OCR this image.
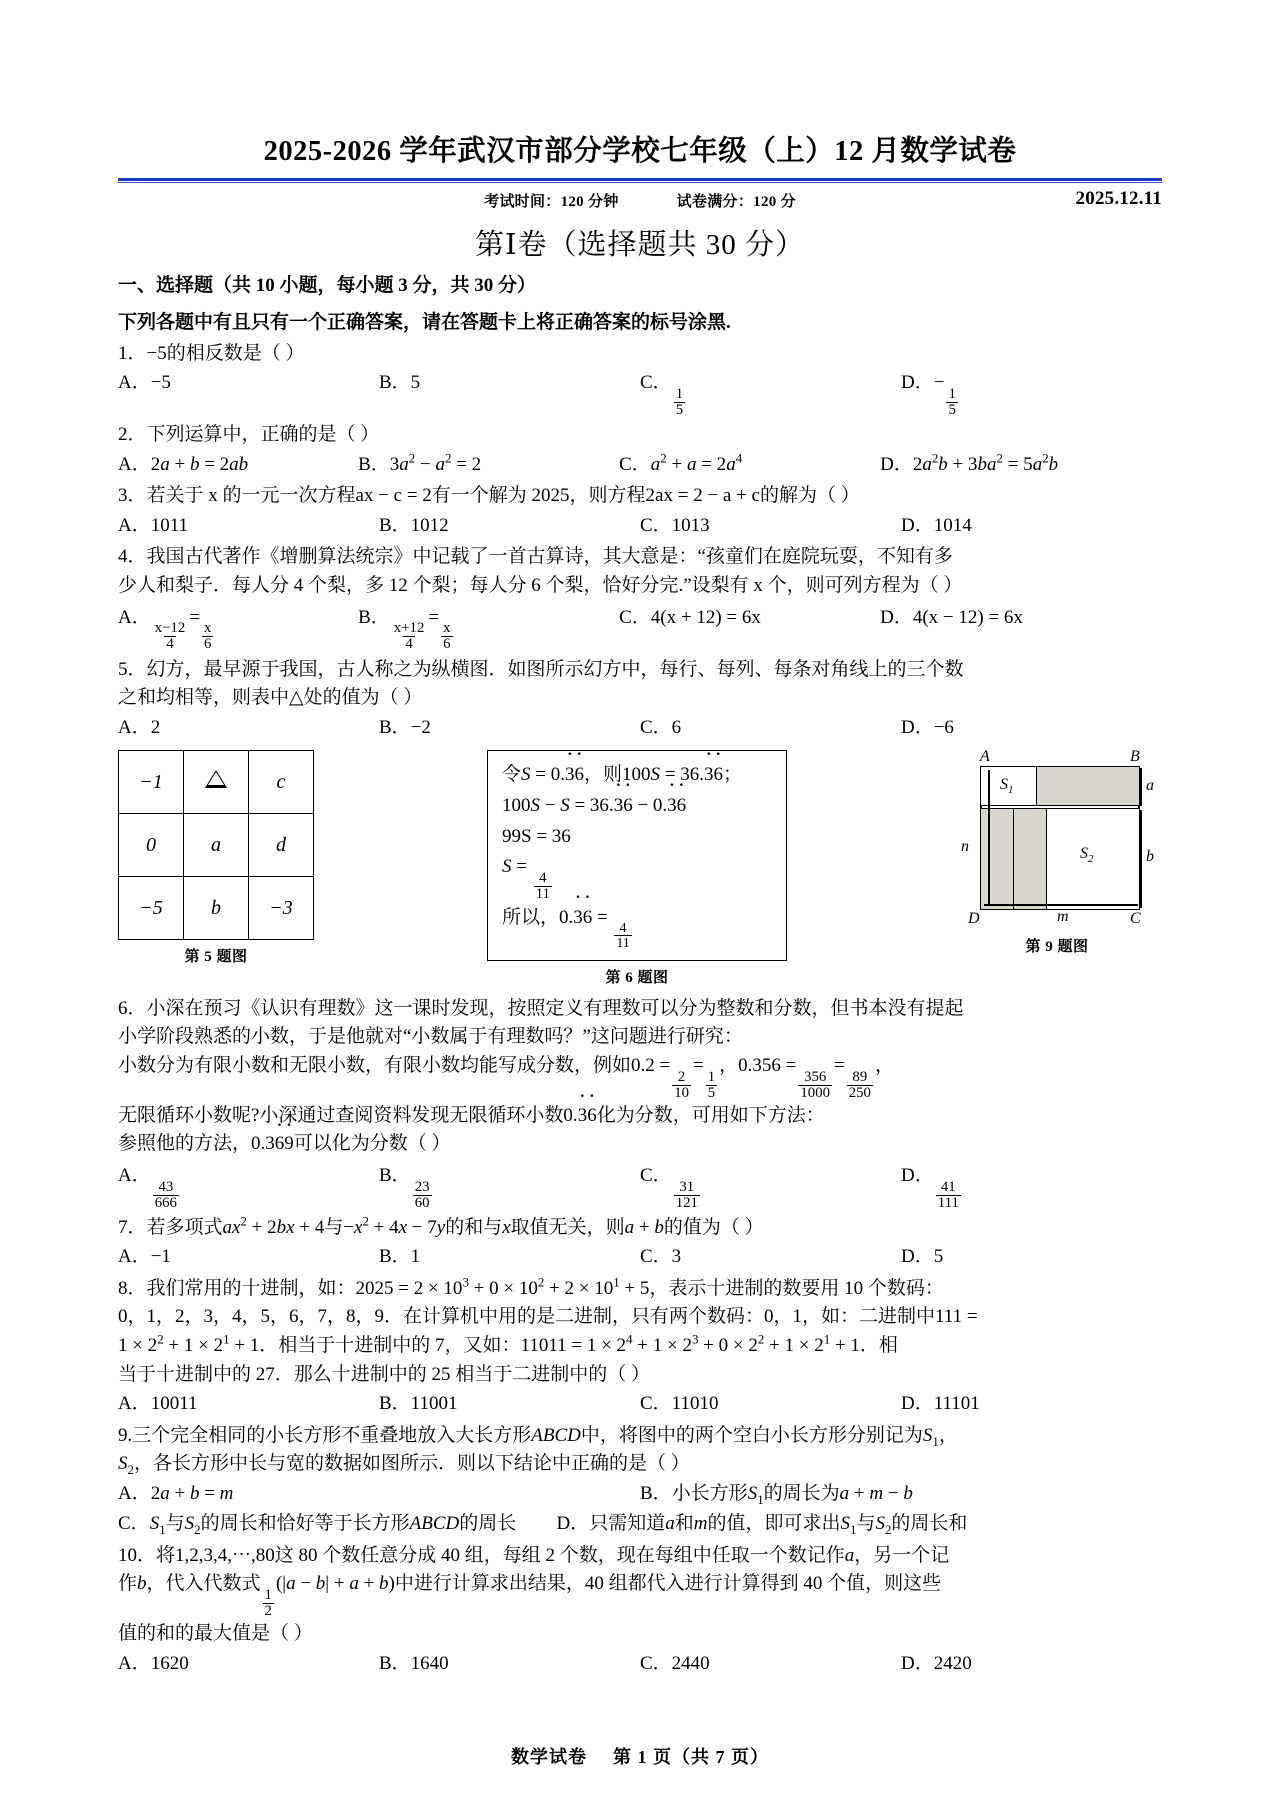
2025-2026 学年武汉市部分学校七年级（上）12 月数学试卷
考试时间：120 分钟	试卷满分：120 分	2025.12.11
第Ⅰ卷（选择题共 30 分）
一、选择题（共 10 小题，每小题 3 分，共 30 分）
下列各题中有且只有一个正确答案，请在答题卡上将正确答案的标号涂黑.
1．−5的相反数是（ ）
A．−5	B．5	C．
$\frac{1}{5}$
D．−
$\frac{1}{5}$
2．下列运算中，正确的是（ ）
A．2a + b = 2ab	B．$3a^2 - a^2 = 2$	C．$a^2 + a = 2a^4$	D．$2a^2b + 3ba^2 = 5a^2b$
3．若关于 x 的一元一次方程ax − c = 2有一个解为 2025，则方程2ax = 2 − a + c的解为（ ）
A．1011	B．1012	C．1013	D．1014
4．我国古代著作《增删算法统宗》中记载了一首古算诗，其大意是：“孩童们在庭院玩耍，不知有多
少人和梨子．每人分 4 个梨，多 12 个梨；每人分 6 个梨，恰好分完.”设梨有 x 个，则可列方程为（ ）
A．
$\frac{x-12}{4}$
=
$\frac{x}{6}$
B．
$\frac{x+12}{4}$
=
$\frac{x}{6}$
C．4(x + 12) = 6x	D．4(x − 12) = 6x
5．幻方，最早源于我国，古人称之为纵横图．如图所示幻方中，每行、每列、每条对角线上的三个数
之和均相等，则表中△处的值为（ ）
A．2	B．−2	C．6	D．−6
−1		c
0	a	d
−5	b	−3
第 5 题图
令S = 0.3 ·6 ·，则100S = 36.3 ·6 ·；
100S − S = 36.3 ·6 · − 0.3 ·6 ·
99S = 36
S =
$\frac{4}{11}$
所以，0.3 ·6 · =
$\frac{4}{11}$
第 6 题图
A	B
C
D
$S_1$
$S_2$
a
b
m
n
第 9 题图
6．小深在预习《认识有理数》这一课时发现，按照定义有理数可以分为整数和分数，但书本没有提起
小学阶段熟悉的小数，于是他就对“小数属于有理数吗？”这问题进行研究：
小数分为有限小数和无限小数，有限小数均能写成分数，例如0.2 =
$\frac{2}{10}$
=
$\frac{1}{5}$
，0.356 =
$\frac{356}{1000}$
=
$\frac{89}{250}$
，
无限循环小数呢?小深通过查阅资料发现无限循环小数0.3 ·6 ·化为分数，可用如下方法：
参照他的方法，0.36 ·9 ·可以化为分数（ ）
A．
$\frac{43}{666}$
B．
$\frac{23}{60}$
C．
$\frac{31}{121}$
D．
$\frac{41}{111}$
7．若多项式$ax^2 + 2bx + 4$与$-x^2 + 4x - 7y$的和与x取值无关，则a + b的值为（ ）
A．−1	B．1	C．3	D．5
8．我们常用的十进制，如：$2025 = 2 \times 10^3 + 0 \times 10^2 + 2 \times 10^1 + 5$，表示十进制的数要用 10 个数码：
0，1，2，3，4，5，6，7，8，9．在计算机中用的是二进制，只有两个数码：0，1，如：二进制中111 =
$1 \times 2^2 + 1 \times 2^1 + 1$．相当于十进制中的 7，又如：$11011 = 1 \times 2^4 + 1 \times 2^3 + 0 \times 2^2 + 1 \times 2^1 + 1$．相
当于十进制中的 27．那么十进制中的 25 相当于二进制中的（ ）
A．10011	B．11001	C．11010	D．11101
9.三个完全相同的小长方形不重叠地放入大长方形ABCD中，将图中的两个空白小长方形分别记为$S_1$，
$S_2$，各长方形中长与宽的数据如图所示．则以下结论中正确的是（ ）
A．2a + b = m	B．小长方形$S_1$的周长为a + m − b
C．$S_1$与$S_2$的周长和恰好等于长方形ABCD的周长	D．只需知道a和m的值，即可求出$S_1$与$S_2$的周长和
10．将1,2,3,4,⋯,80这 80 个数任意分成 40 组，每组 2 个数，现在每组中任取一个数记作a，另一个记
作b，代入代数式
$\frac{1}{2}$
(|a − b| + a + b)中进行计算求出结果，40 组都代入进行计算得到 40 个值，则这些
值的和的最大值是（ ）
A．1620	B．1640	C．2440	D．2420
数学试卷 第 1 页（共 7 页）
